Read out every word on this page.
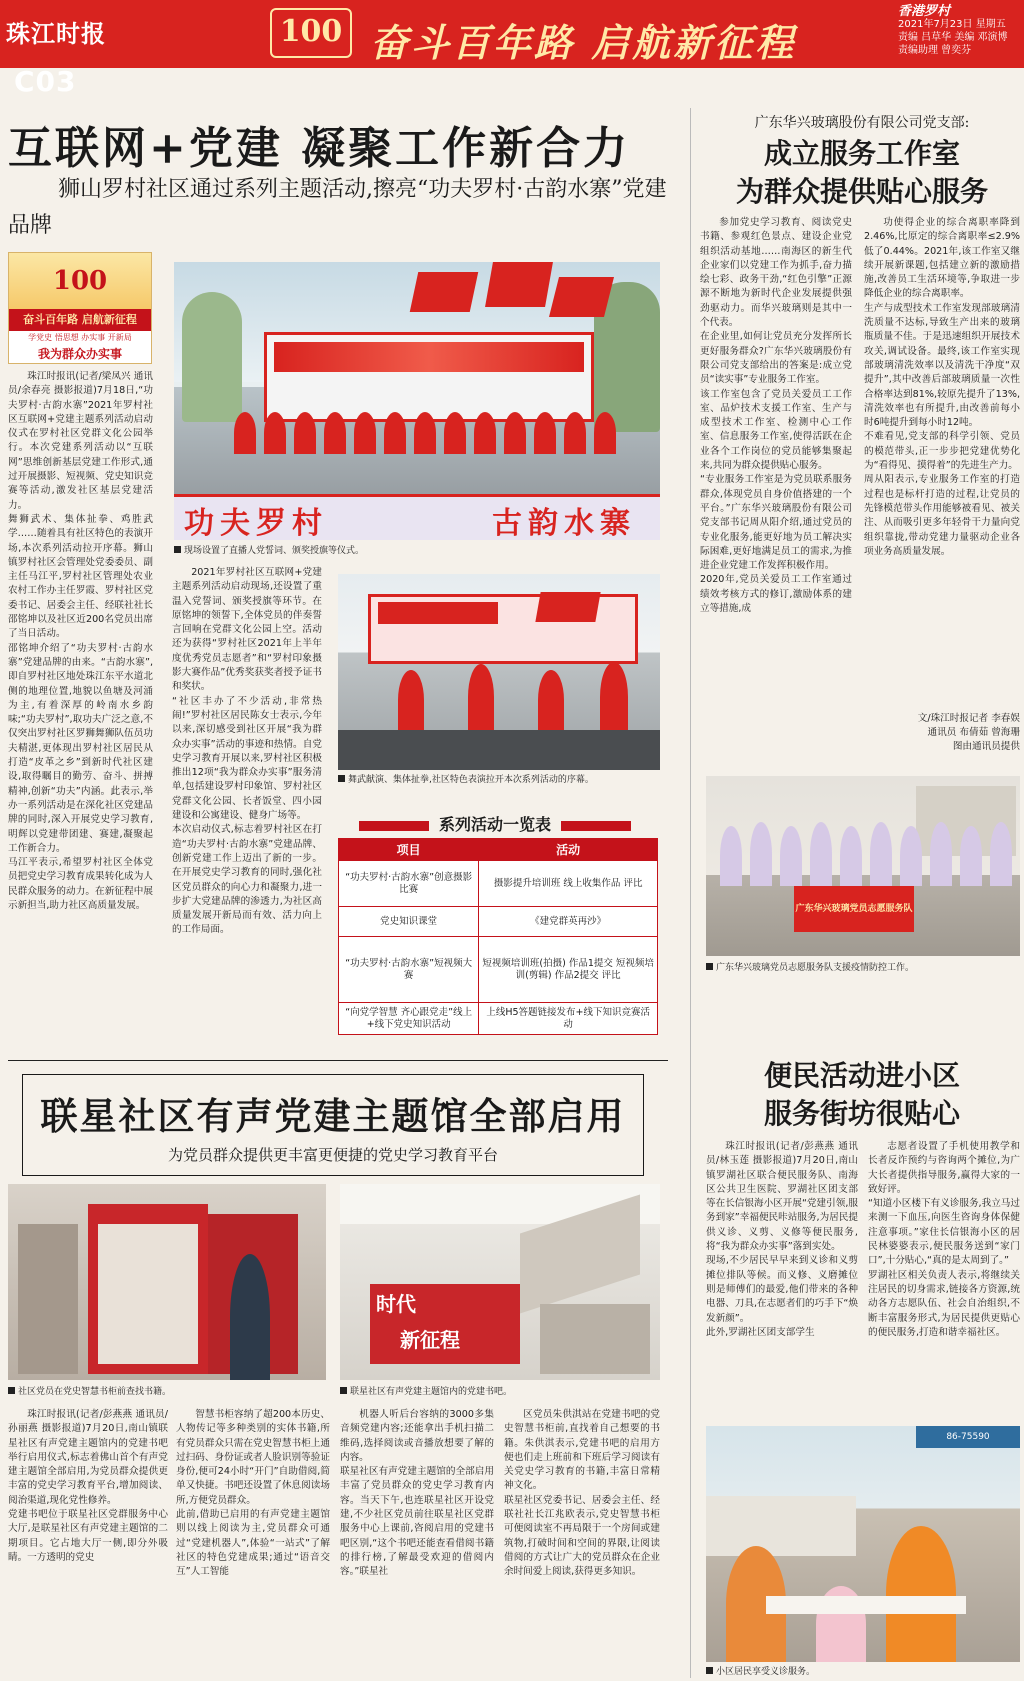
珠江时报C03
100 奋斗百年路 启航新征程
香港罗村
2021年7月23日 星期五
责编 吕草华 美编 邓演博
责编助理 曾奕芬
互联网+党建 凝聚工作新合力
狮山罗村社区通过系列主题活动,擦亮“功夫罗村·古韵水寨”党建品牌
100
奋斗百年路 启航新征程
学党史 悟思想 办实事 开新局
我为群众办实事
珠江时报讯(记者/梁凤兴 通讯员/余春亮 摄影报道)7月18日,“功夫罗村·古韵水寨”2021年罗村社区互联网+党建主题系列活动启动仪式在罗村社区党群文化公园举行。本次党建系列活动以“互联网”思维创新基层党建工作形式,通过开展摄影、短视频、党史知识竞赛等活动,激发社区基层党建活力。
舞狮武术、集体扯拳、鸡胜武学……随着具有社区特色的表演开场,本次系列活动拉开序幕。狮山镇罗村社区会管理处党委委员、副主任马江平,罗村社区管理处农业农村工作办主任罗霞、罗村社区党委书记、居委会主任、经联社社长邵铭坤以及社区近200名党员出席了当日活动。
邵铭坤介绍了“功夫罗村·古韵水寨”党建品牌的由来。“古韵水寨”,即自罗村社区地处珠江东平水道北侧的地理位置,地貌以鱼塘及河涌为主,有着深厚的岭南水乡韵味;“功夫罗村”,取功夫广泛之意,不仅突出罗村社区罗狮舞狮队伍员功夫精湛,更体现出罗村社区居民从打造“皮革之乡”到新时代社区建设,取得瞩目的勤劳、奋斗、拼搏精神,创新“功夫”内涵。此表示,举办一系列活动是在深化社区党建品牌的同时,深入开展党史学习教育,明辉以党建带团建、赛建,凝聚起工作新合力。
马江平表示,希望罗村社区全体党员把党史学习教育成果转化成为人民群众服务的动力。在新征程中展示新担当,助力社区高质量发展。
功夫罗村	古韵水寨
现场设置了直播人党誓词、颁奖授旗等仪式。
2021年罗村社区互联网+党建主题系列活动启动现场,还设置了重温入党誓词、颁奖授旗等环节。在原铭坤的领誓下,全体党员的伴奏誓言回响在党群文化公园上空。活动还为获得“罗村社区2021年上半年度优秀党员志愿者”和“罗村印象摄影大赛作品”优秀奖获奖者授予证书和奖状。
“社区丰办了不少活动,非常热闹!”罗村社区居民陈女士表示,今年以来,深切感受到社区开展“我为群众办实事”活动的事迹和热情。自党史学习教育开展以来,罗村社区积极推出12项“我为群众办实事”服务清单,包括建设罗村印象馆、罗村社区党群文化公园、长者饭堂、四小园建设和公寓建设、健身广场等。
本次启动仪式,标志着罗村社区在打造“功夫罗村·古韵水寨”党建品牌、创新党建工作上迈出了新的一步。在开展党史学习教育的同时,强化社区党员群众的向心力和凝聚力,进一步扩大党建品牌的渗透力,为社区高质量发展开新局而有效、活力向上的工作局面。
舞武献演、集体扯拳,社区特色表演拉开本次系列活动的序幕。
系列活动一览表
项目	活动
“功夫罗村·古韵水寨”创意摄影比赛	摄影提升培训班 线上收集作品 评比
党史知识课堂	《建党群英再沙》
“功夫罗村·古韵水寨”短视频大赛	短视频培训班(拍摄) 作品1提交 短视频培训(剪辑) 作品2提交 评比
“向党学智慧 齐心跟党走”线上+线下党史知识活动	上线H5答题链接发布+线下知识竞赛活动
广东华兴玻璃股份有限公司党支部:
成立服务工作室
为群众提供贴心服务
参加党史学习教育、阅读党史书籍、参观红色景点、建设企业党组织活动基地……南海区的新生代企业家们以党建工作为抓手,奋力描绘七彩、政务干劲,“红色引擎”正源源不断地为新时代企业发展提供强劲驱动力。而华兴玻璃则是其中一个代表。
在企业里,如何让党员充分发挥所长更好服务群众?广东华兴玻璃股份有限公司党支部给出的答案是:成立党员“读实事”专业服务工作室。
该工作室包含了党员关爱员工工作室、品炉技术支援工作室、生产与成型技术工作室、检测中心工作室、信息服务工作室,使得活跃在企业各个工作岗位的党员能够集聚起来,共同为群众提供贴心服务。
“专业服务工作室是为党员联系服务群众,体现党员自身价值搭建的一个平台。”广东华兴玻璃股份有限公司党支部书记周从阳介绍,通过党员的专业化服务,能更好地为员工解决实际困难,更好地满足员工的需求,为推进企业党建工作发挥积极作用。
2020年,党员关爱员工工作室通过绩效考核方式的修订,激励体系的建立等措施,成
功使得企业的综合离职率降到2.46%,比原定的综合离职率≤2.9%低了0.44%。2021年,该工作室又继续开展新课题,包括建立新的激励措施,改善员工生活环境等,争取进一步降低企业的综合离职率。
生产与成型技术工作室发现部玻璃清洗质量不达标,导致生产出来的玻璃瓶质量不佳。于是迅速组织开展技术攻关,调试设备。最终,该工作室实现部玻璃清洗效率以及清洗干净度“双提升”,其中改善后部玻璃质量一次性合格率达到81%,较原先提升了13%,清洗效率也有所提升,由改善前每小时6吨提升到每小时12吨。
不难看见,党支部的科学引领、党员的模范带头,正一步步把党建优势化为“看得见、摸得着”的先进生产力。
周从阳表示,专业服务工作室的打造过程也是标杆打造的过程,让党员的先锋模范带头作用能够被看见、被关注、从而吸引更多年轻骨干力量向党组织靠拢,带动党建力量驱动企业各项业务高质量发展。
文/珠江时报记者 李春娱
通讯员 布倩茹 曾海珊
图由通讯员提供
广东华兴玻璃党员志愿服务队
广东华兴玻璃党员志愿服务队支援疫情防控工作。
便民活动进小区
服务街坊很贴心
珠江时报讯(记者/彭燕燕 通讯员/林玉莲 摄影报道)7月20日,南山镇罗湖社区联合便民服务队、南海区公共卫生医院、罗湖社区团支部等在长信银海小区开展“党建引领,服务到家”幸福便民咔站服务,为居民提供义诊、义剪、义修等便民服务,将“我为群众办实事”落到实处。
现场,不少居民早早来到义诊和义剪摊位排队等候。而义修、义磨摊位则是师傅们的最爱,他们带来的各种电器、刀具,在志愿者们的巧手下“焕发新颜”。
此外,罗湖社区团支部学生
志愿者设置了手机使用教学和长者反诈预约与咨询两个摊位,为广大长者提供指导服务,赢得大家的一致好评。
“知道小区楼下有义诊服务,我立马过来测一下血压,向医生咨询身体保健注意事项。”家住长信银海小区的居民林婆婆表示,便民服务送到“家门口”,十分贴心,“真的是太周到了。”
罗湖社区相关负责人表示,将继续关注居民的切身需求,链接各方资源,统动各方志愿队伍、社会自治组织,不断丰富服务形式,为居民提供更贴心的便民服务,打造和谐幸福社区。
86-75590
小区居民享受义诊服务。
联星社区有声党建主题馆全部启用
为党员群众提供更丰富更便捷的党史学习教育平台
社区党员在党史智慧书柜前查找书籍。
时代
新征程
联星社区有声党建主题馆内的党建书吧。
珠江时报讯(记者/彭燕燕 通讯员/孙丽燕 摄影报道)7月20日,南山镇联星社区有声党建主题馆内的党建书吧举行启用仪式,标志着佛山首个有声党建主题馆全部启用,为党员群众提供更丰富的党史学习教育平台,增加阅读、阅治渠道,现化党性修养。
党建书吧位于联星社区党群服务中心大厅,是联星社区有声党建主题馆的二期项目。它占地大厅一侧,即分外吸睛。一方透明的党史
智慧书柜容纳了超200本历史、人物传记等多种类别的实体书籍,所有党员群众只需在党史智慧书柜上通过扫码、身份证或者人脸识别等验证身份,便可24小时“开门”自助借阅,简单又快捷。书吧还设置了休息阅读场所,方便党员群众。
此前,借助已启用的有声党建主题馆则以线上阅读为主,党员群众可通过“党建机器人”,体验“一站式”了解社区的特色党建成果;通过“语音交互”人工智能
机器人听后台容纳的3000多集音频党建内容;还能拿出手机扫描二维码,选择阅读或音播放想要了解的内容。
联星社区有声党建主题馆的全部启用丰富了党员群众的党史学习教育内容。当天下午,也连联星社区开设党建,不少社区党员前往联星社区党群服务中心上课前,咨阅启用的党建书吧区别,“这个书吧还能查看借阅书籍的排行榜,了解最受欢迎的借阅内容。”联星社
区党员朱供淇站在党建书吧的党史智慧书柜前,直找着自己想要的书籍。朱供淇表示,党建书吧的启用方便也们走上班前和下班后学习阅读有关党史学习教育的书籍,丰富日常精神文化。
联星社区党委书记、居委会主任、经联社社长江兆欧表示,党史智慧书柜可便阅读室不再局限于一个房间或建筑物,打破时间和空间的界限,让阅读借阅的方式让广大的党员群众在企业余时间爱上阅读,获得更多知识。
